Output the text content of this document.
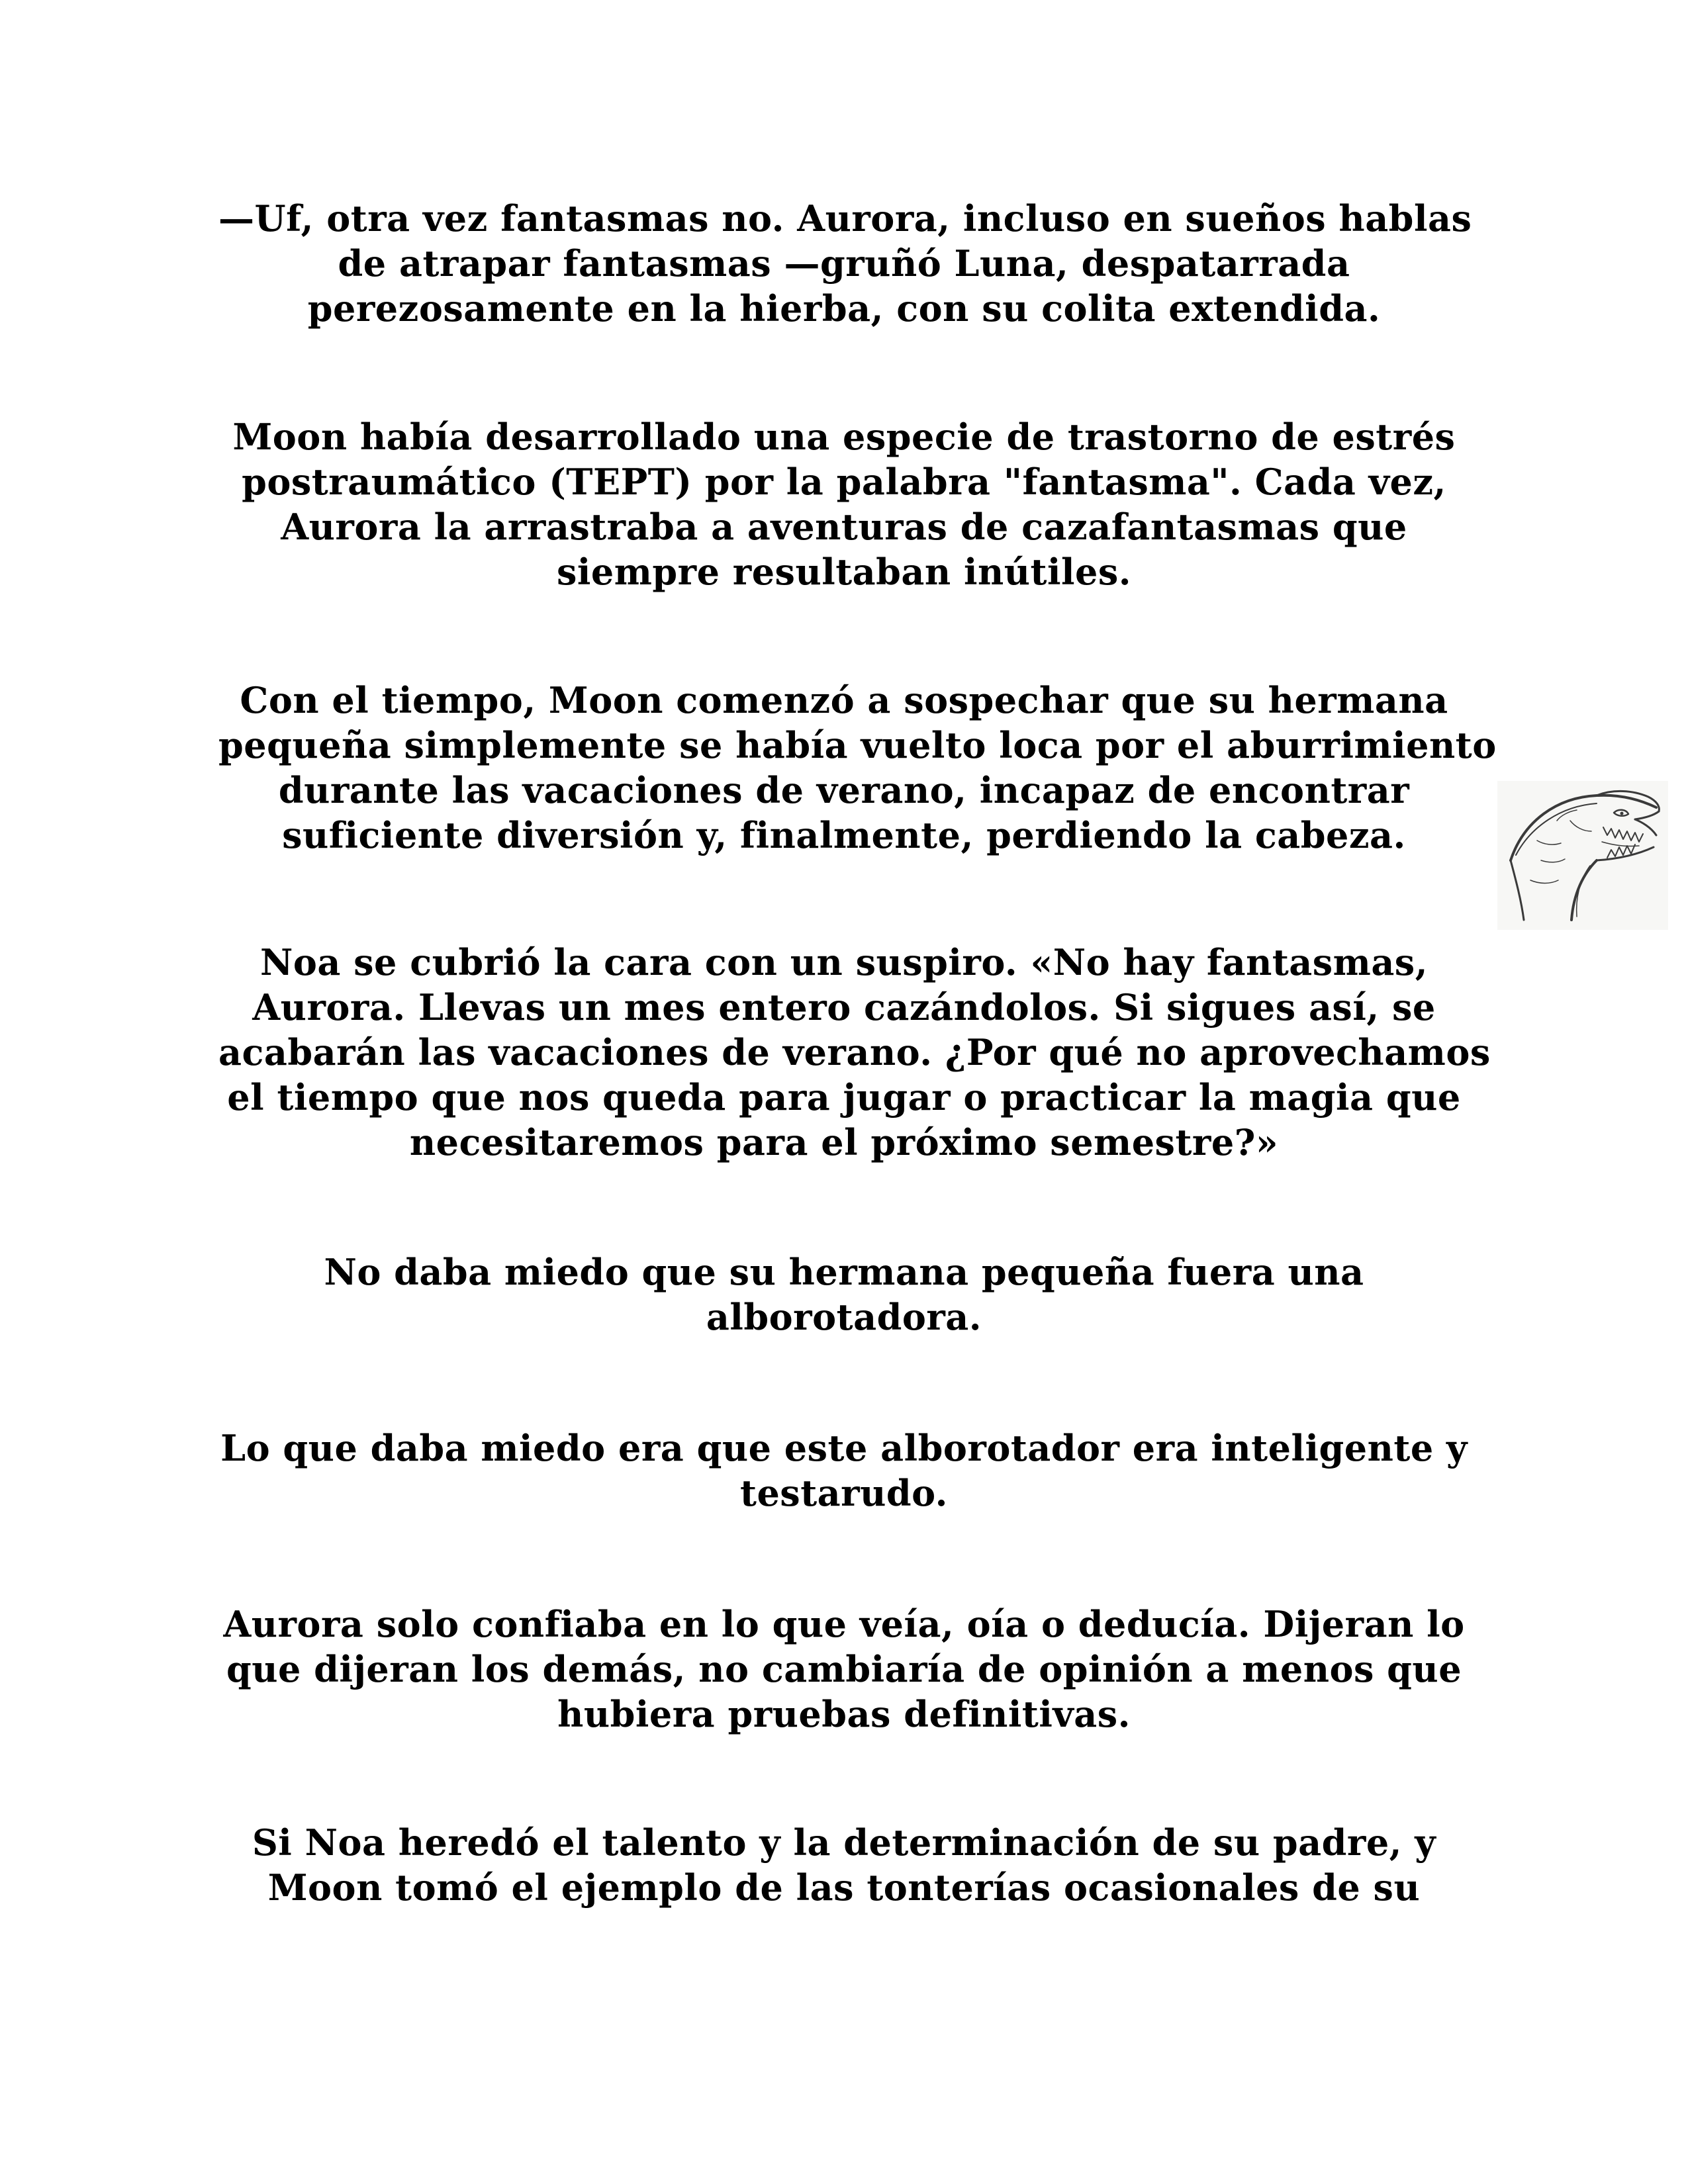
—Uf, otra vez fantasmas no. Aurora, incluso en sueños hablas
de atrapar fantasmas —gruñó Luna, despatarrada
perezosamente en la hierba, con su colita extendida.

Moon había desarrollado una especie de trastorno de estrés
postraumático (TEPT) por la palabra "fantasma". Cada vez,
Aurora la arrastraba a aventuras de cazafantasmas que
siempre resultaban inútiles.

Con el tiempo, Moon comenzó a sospechar que su hermana
pequeña simplemente se había vuelto loca por el aburrimiento
durante las vacaciones de verano, incapaz de encontrar
suficiente diversión y, finalmente, perdiendo la cabeza.

Noa se cubrió la cara con un suspiro. «No hay fantasmas,
Aurora. Llevas un mes entero cazándolos. Si sigues así, se
acabarán las vacaciones de verano. ¿Por qué no aprovechamos
el tiempo que nos queda para jugar o practicar la magia que
necesitaremos para el próximo semestre?»

No daba miedo que su hermana pequeña fuera una
alborotadora.

Lo que daba miedo era que este alborotador era inteligente y
testarudo.

Aurora solo confiaba en lo que veía, oía o deducía. Dijeran lo
que dijeran los demás, no cambiaría de opinión a menos que
hubiera pruebas definitivas.

Si Noa heredó el talento y la determinación de su padre, y
Moon tomó el ejemplo de las tonterías ocasionales de su
